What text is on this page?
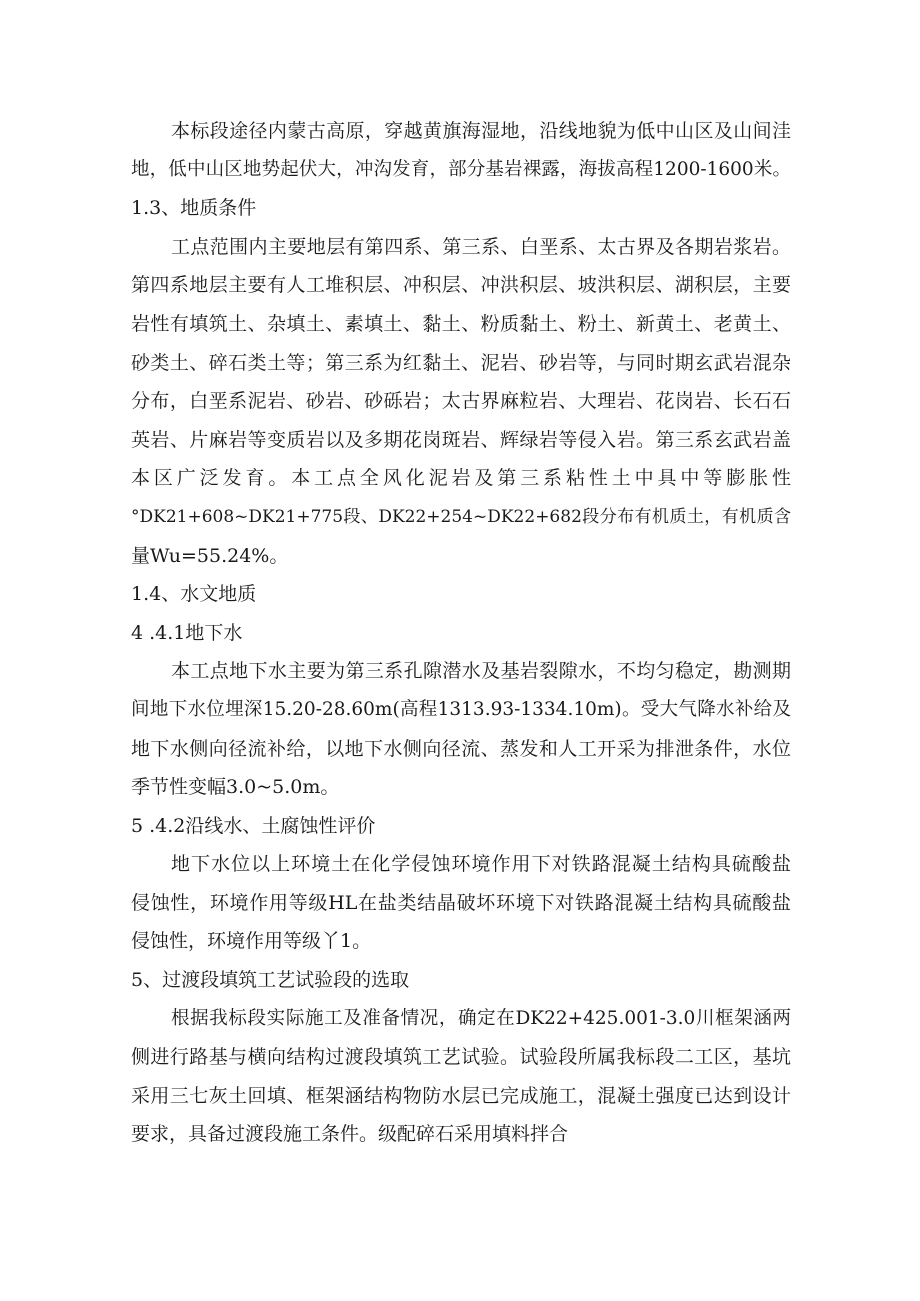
本标段途径内蒙古高原，穿越黄旗海湿地，沿线地貌为低中山区及山间洼
地，低中山区地势起伏大，冲沟发育，部分基岩裸露，海拔高程1200-1600米。
1.3、地质条件
工点范围内主要地层有第四系、第三系、白垩系、太古界及各期岩浆岩。
第四系地层主要有人工堆积层、冲积层、冲洪积层、坡洪积层、湖积层，主要
岩性有填筑土、杂填土、素填土、黏土、粉质黏土、粉土、新黄土、老黄土、
砂类土、碎石类土等；第三系为红黏土、泥岩、砂岩等，与同时期玄武岩混杂
分布，白垩系泥岩、砂岩、砂砾岩；太古界麻粒岩、大理岩、花岗岩、长石石
英岩、片麻岩等变质岩以及多期花岗斑岩、辉绿岩等侵入岩。第三系玄武岩盖
本区广泛发育。本工点全风化泥岩及第三系粘性土中具中等膨胀性
°DK21+608~DK21+775段、DK22+254~DK22+682段分布有机质土，有机质含
量Wu=55.24%。
1.4、水文地质
4 .4.1地下水
本工点地下水主要为第三系孔隙潜水及基岩裂隙水，不均匀稳定，勘测期
间地下水位埋深15.20-28.60m(高程1313.93-1334.10m)。受大气降水补给及
地下水侧向径流补给，以地下水侧向径流、蒸发和人工开采为排泄条件，水位
季节性变幅3.0~5.0m。
5 .4.2沿线水、土腐蚀性评价
地下水位以上环境土在化学侵蚀环境作用下对铁路混凝土结构具硫酸盐
侵蚀性，环境作用等级HL在盐类结晶破坏环境下对铁路混凝土结构具硫酸盐
侵蚀性，环境作用等级丫1。
5、过渡段填筑工艺试验段的选取
根据我标段实际施工及准备情况，确定在DK22+425.001-3.0川框架涵两
侧进行路基与横向结构过渡段填筑工艺试验。试验段所属我标段二工区，基坑
采用三七灰土回填、框架涵结构物防水层已完成施工，混凝土强度已达到设计
要求，具备过渡段施工条件。级配碎石采用填料拌合
